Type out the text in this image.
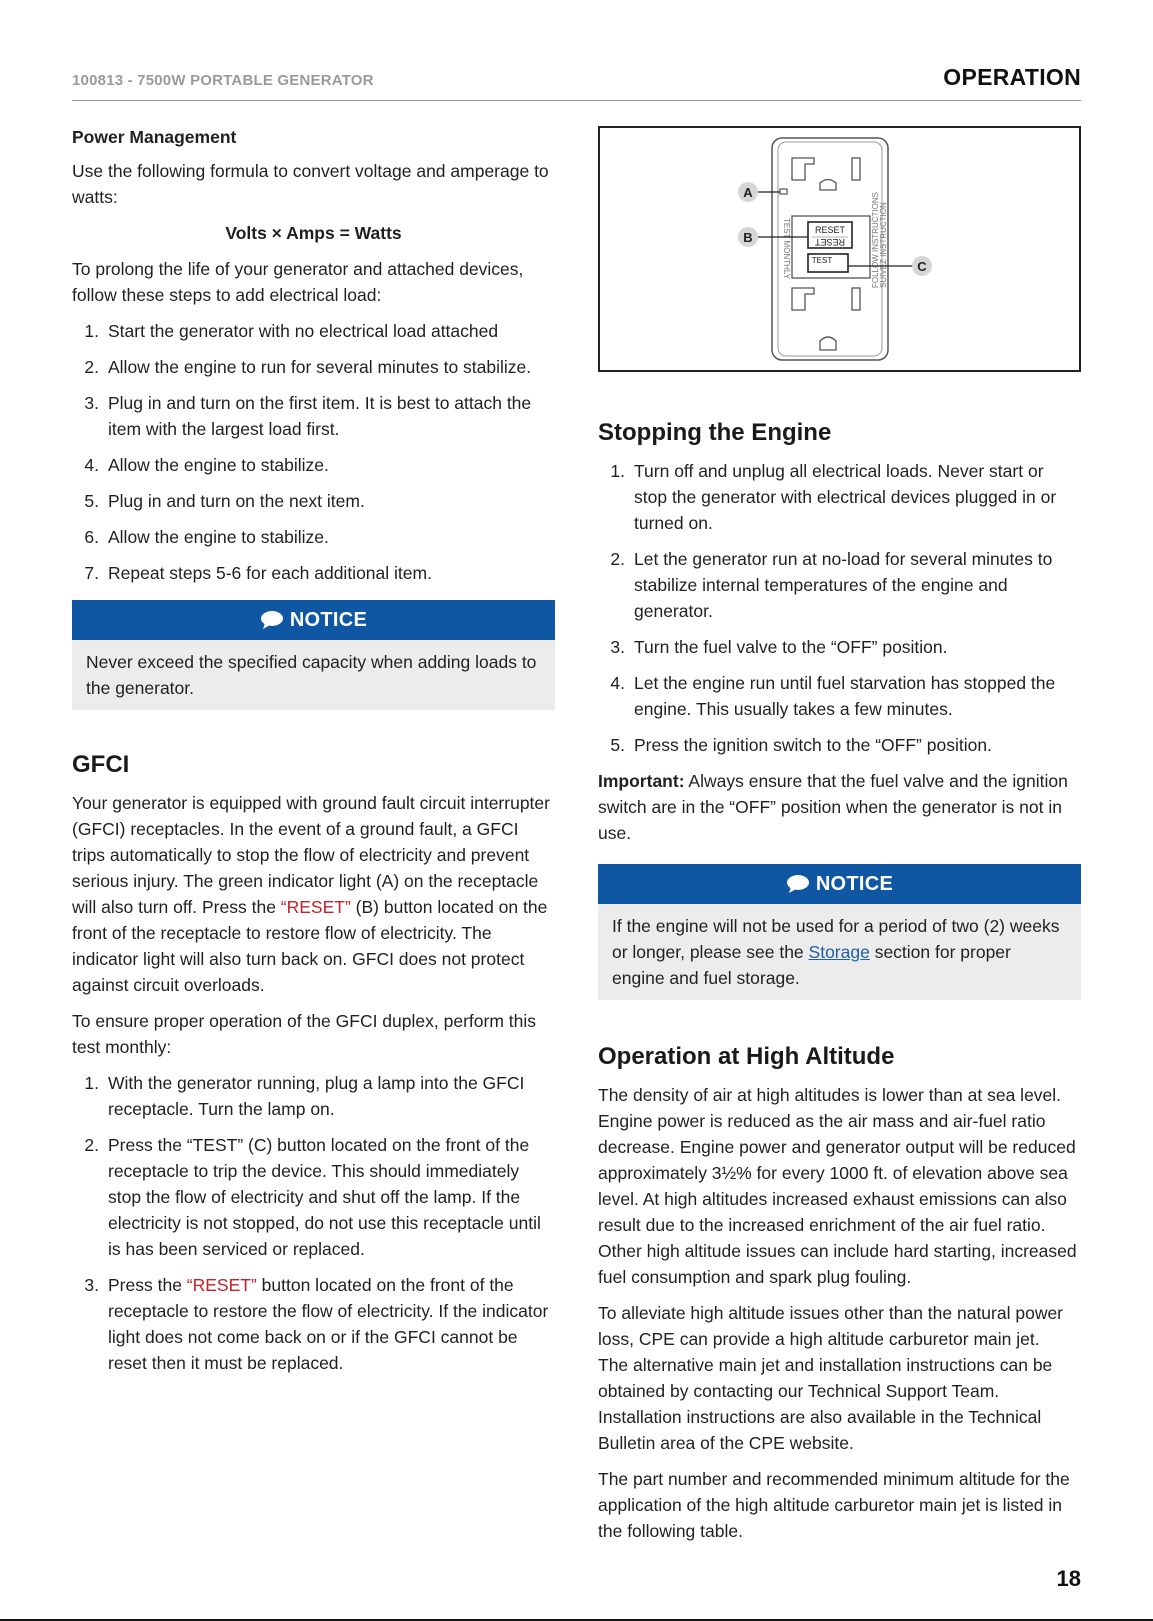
100813 - 7500W PORTABLE GENERATOR	OPERATION
Power Management

Use the following formula to convert voltage and amperage to watts:

Volts × Amps = Watts

To prolong the life of your generator and attached devices, follow these steps to add electrical load:

1. Start the generator with no electrical load attached
2. Allow the engine to run for several minutes to stabilize.
3. Plug in and turn on the first item. It is best to attach the item with the largest load first.
4. Allow the engine to stabilize.
5. Plug in and turn on the next item.
6. Allow the engine to stabilize.
7. Repeat steps 5-6 for each additional item.
NOTICE
Never exceed the specified capacity when adding loads to the generator.
GFCI

Your generator is equipped with ground fault circuit interrupter (GFCI) receptacles. In the event of a ground fault, a GFCI trips automatically to stop the flow of electricity and prevent serious injury. The green indicator light (A) on the receptacle will also turn off. Press the “RESET” (B) button located on the front of the receptacle to restore flow of electricity. The indicator light will also turn back on. GFCI does not protect against circuit overloads.

To ensure proper operation of the GFCI duplex, perform this test monthly:

1. With the generator running, plug a lamp into the GFCI receptacle. Turn the lamp on.
2. Press the “TEST” (C) button located on the front of the receptacle to trip the device. This should immediately stop the flow of electricity and shut off the lamp. If the electricity is not stopped, do not use this receptacle until is has been serviced or replaced.
3. Press the “RESET” button located on the front of the receptacle to restore the flow of electricity. If the indicator light does not come back on or if the GFCI cannot be reset then it must be replaced.
RESET
RESET
TEST	FOLLOW INSTRUCTIONS SUIVEZ INSTRUCTION
TEST MONTHLY
A
B
C
Stopping the Engine
1. Turn off and unplug all electrical loads. Never start or stop the generator with electrical devices plugged in or turned on.
2. Let the generator run at no-load for several minutes to stabilize internal temperatures of the engine and generator.
3. Turn the fuel valve to the “OFF” position.
4. Let the engine run until fuel starvation has stopped the engine. This usually takes a few minutes.
5. Press the ignition switch to the “OFF” position.

Important: Always ensure that the fuel valve and the ignition switch are in the “OFF” position when the generator is not in use.

NOTICE
If the engine will not be used for a period of two (2) weeks or longer, please see the Storage section for proper engine and fuel storage.
Operation at High Altitude

The density of air at high altitudes is lower than at sea level. Engine power is reduced as the air mass and air-fuel ratio decrease. Engine power and generator output will be reduced approximately 3½% for every 1000 ft. of elevation above sea level. At high altitudes increased exhaust emissions can also result due to the increased enrichment of the air fuel ratio. Other high altitude issues can include hard starting, increased fuel consumption and spark plug fouling.

To alleviate high altitude issues other than the natural power loss, CPE can provide a high altitude carburetor main jet.

The alternative main jet and installation instructions can be obtained by contacting our Technical Support Team. Installation instructions are also available in the Technical Bulletin area of the CPE website.

The part number and recommended minimum altitude for the application of the high altitude carburetor main jet is listed in the following table.

18
